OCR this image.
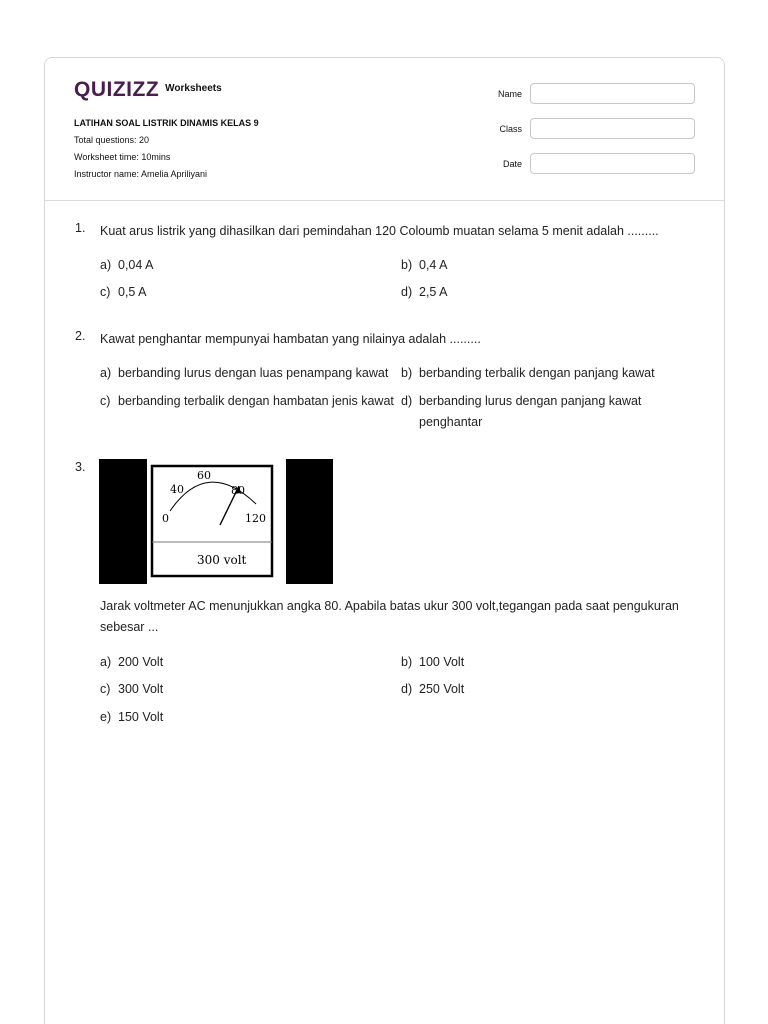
QUIZIZZ Worksheets
LATIHAN SOAL LISTRIK DINAMIS KELAS 9
Total questions: 20
Worksheet time: 10mins
Instructor name: Amelia Apriliyani
Name
Class
Date
1. Kuat arus listrik yang dihasilkan dari pemindahan 120 Coloumb muatan selama 5 menit adalah .........
a) 0,04 A	b) 0,4 A
c) 0,5 A	d) 2,5 A
2. Kawat penghantar mempunyai hambatan yang nilainya adalah .........
a) berbanding lurus dengan luas penampang kawat	b) berbanding terbalik dengan panjang kawat
c) berbanding terbalik dengan hambatan jenis kawat d) berbanding lurus dengan panjang kawat penghantar
3.
0
40
60
80
120
300 volt
Jarak voltmeter AC menunjukkan angka 80. Apabila batas ukur 300 volt,tegangan pada saat pengukuran sebesar ...
a) 200 Volt	b) 100 Volt
c) 300 Volt	d) 250 Volt
e) 150 Volt
